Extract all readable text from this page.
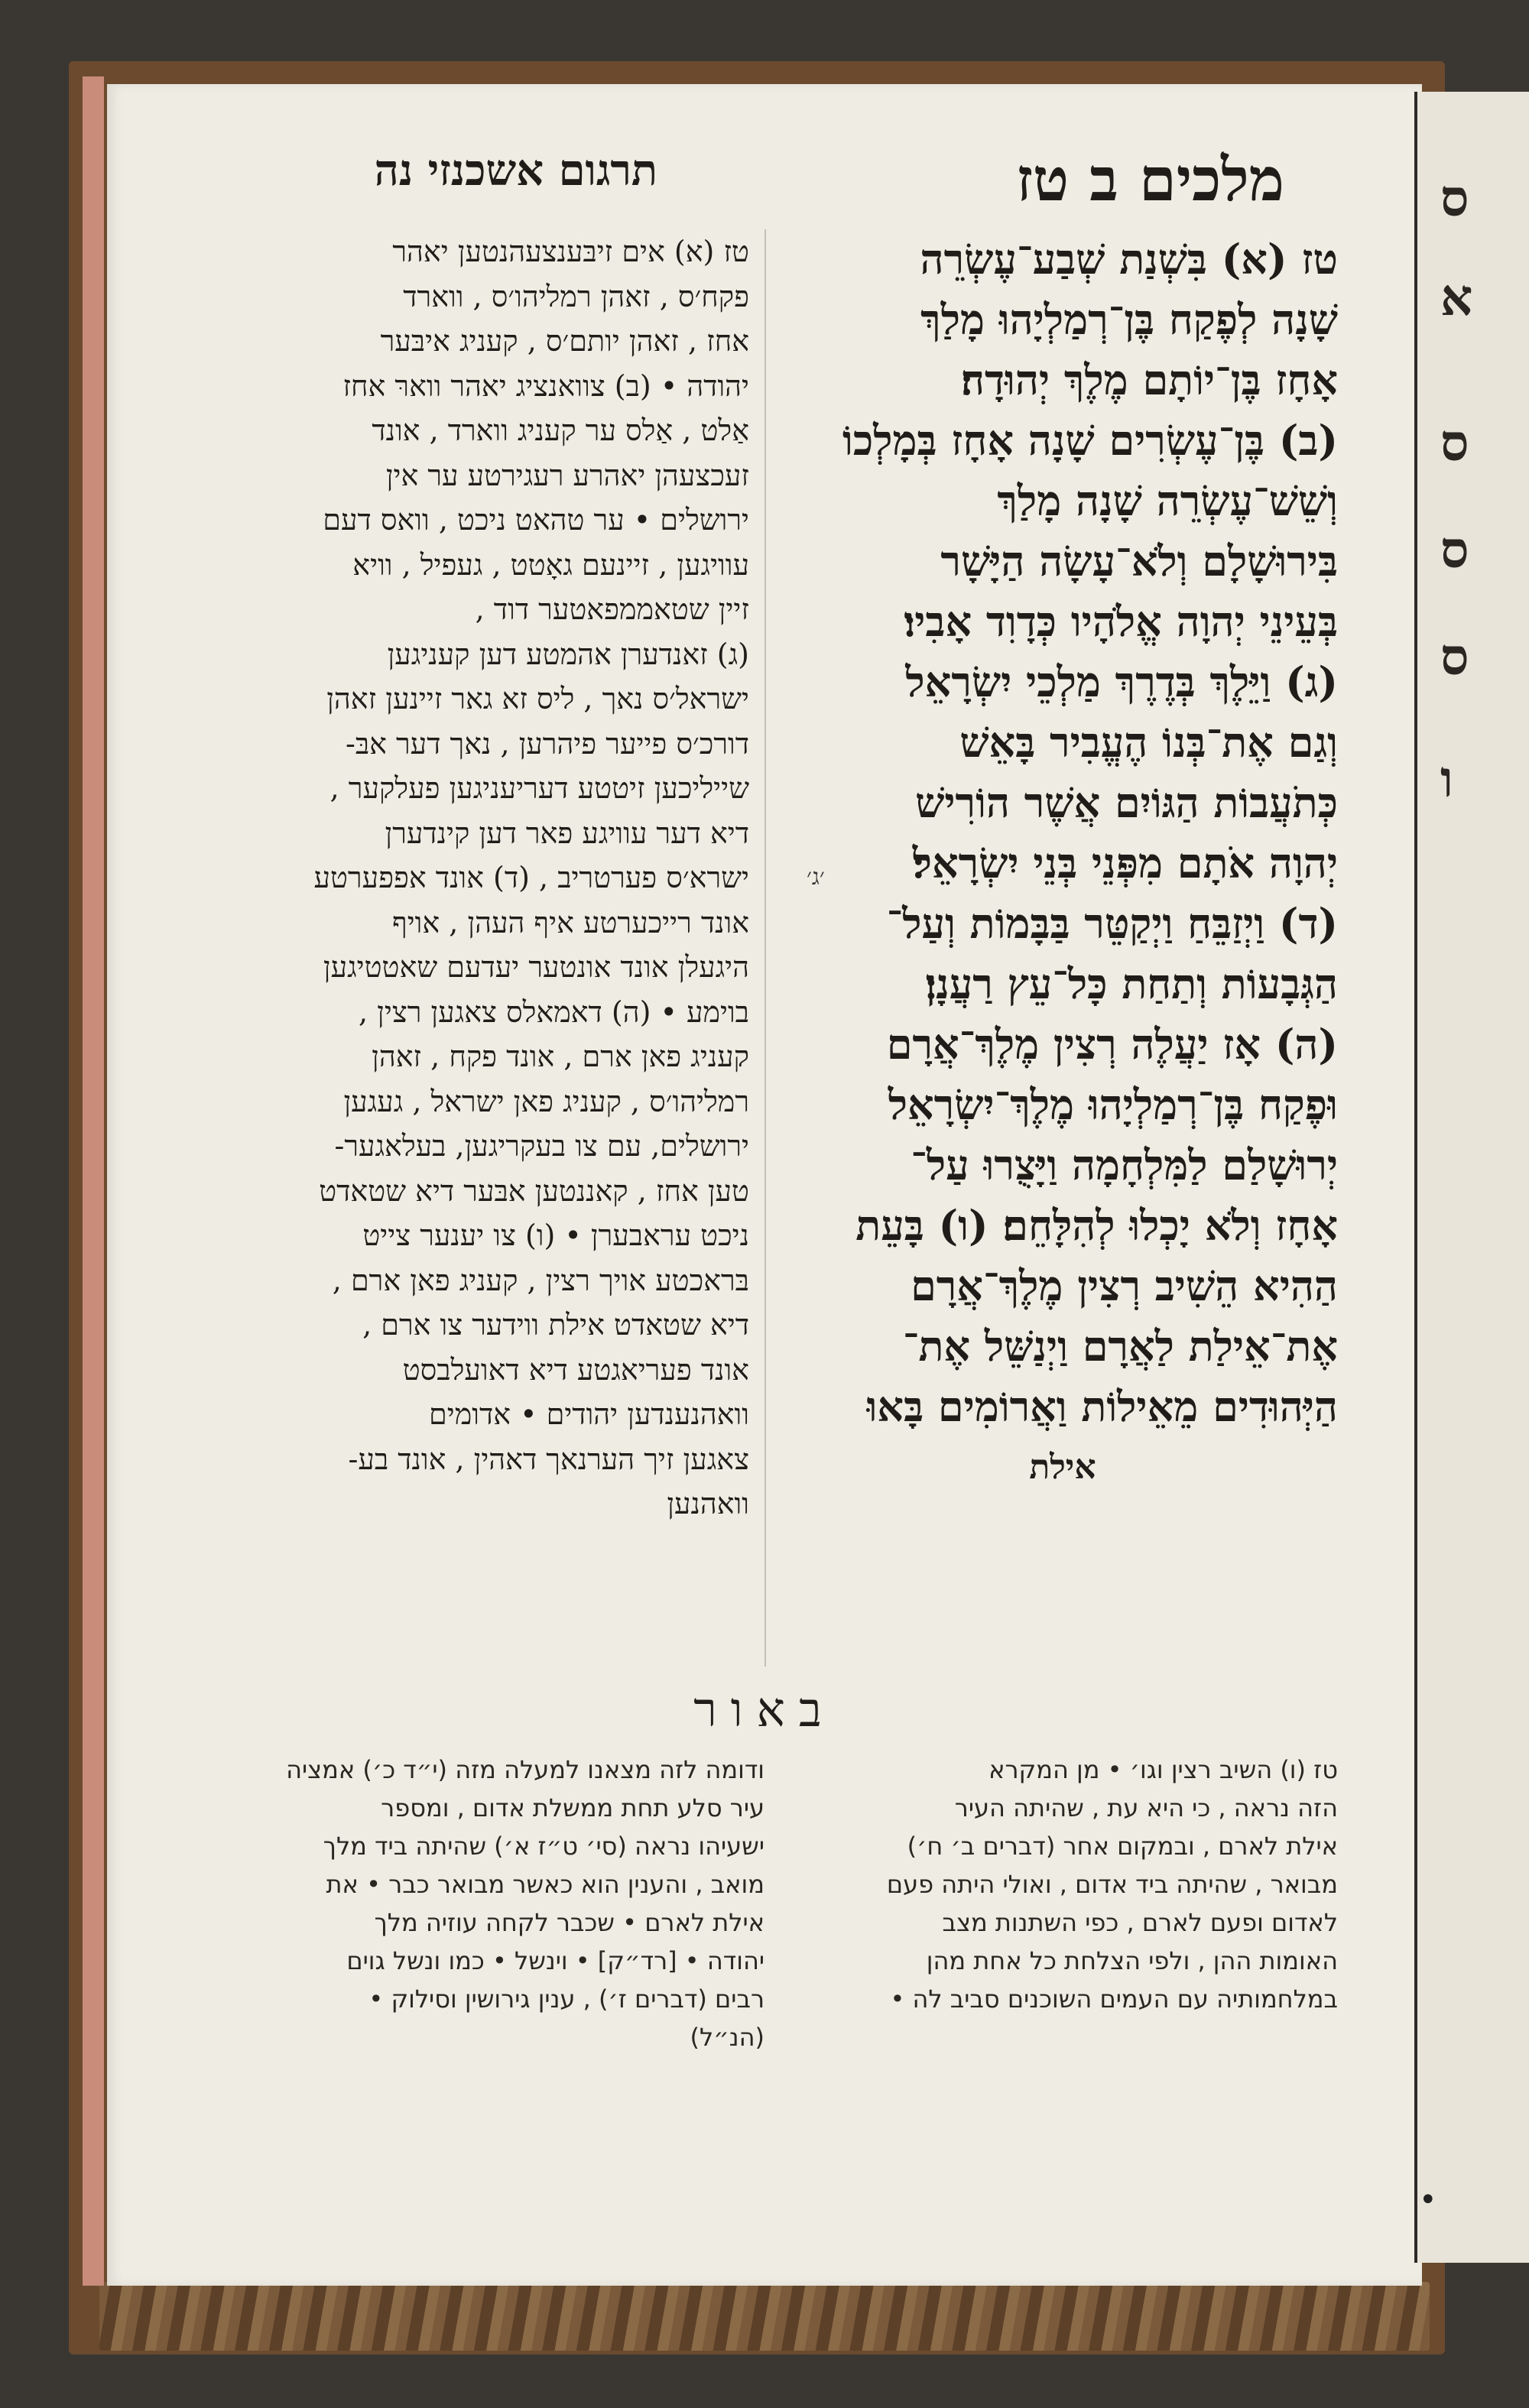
ס
א
ס
ס
ס
ו
מלכים ב טז
תרגום אשכנזי נה
טז (א) בִּשְׁנַת שְׁבַע־עֶשְׂרֵה
שָׁנָה לְפֶקַח בֶּן־רְמַלְיָהוּ מָלַךְ
אָחָז בֶּן־יוֹתָם מֶלֶךְ יְהוּדָה׃
(ב) בֶּן־עֶשְׂרִים שָׁנָה אָחָז בְּמָלְכוֹ
וְשֵׁשׁ־עֶשְׂרֵה שָׁנָה מָלַךְ
בִּירוּשָׁלָם וְלֹא־עָשָׂה הַיָּשָׁר
בְּעֵינֵי יְהוָה אֱלֹהָיו כְּדָוִד אָבִיו׃
(ג) וַיֵּלֶךְ בְּדֶרֶךְ מַלְכֵי יִשְׂרָאֵל
וְגַם אֶת־בְּנוֹ הֶעֱבִיר בָּאֵשׁ
כְּתֹעֲבוֹת הַגּוֹיִם אֲשֶׁר הוֹרִישׁ
יְהוָה אֹתָם מִפְּנֵי בְּנֵי יִשְׂרָאֵל׃
(ד) וַיְזַבֵּחַ וַיְקַטֵּר בַּבָּמוֹת וְעַל־
הַגְּבָעוֹת וְתַחַת כָּל־עֵץ רַעֲנָן׃
(ה) אָז יַעֲלֶה רְצִין מֶלֶךְ־אֲרָם
וּפֶקַח בֶּן־רְמַלְיָהוּ מֶלֶךְ־יִשְׂרָאֵל
יְרוּשָׁלַם לַמִּלְחָמָה וַיָּצֻרוּ עַל־
אָחָז וְלֹא יָכְלוּ לְהִלָּחֵם׃ (ו) בָּעֵת
הַהִיא הֵשִׁיב רְצִין מֶלֶךְ־אֲרָם
אֶת־אֵילַת לַאֲרָם וַיְנַשֵּׁל אֶת־
הַיְּהוּדִים מֵאֵילוֹת וַאֲרוֹמִים בָּאוּ
אילת
טז (א) אים זיבּענצעהנטען יאהר
פקח׳ס , זאהן רמליהו׳ס , ווארד
אחז , זאהן יותם׳ס , קעניג איבּער
יהודה • (ב) צוואנציג יאהר ווארּ אחז
אַלט , אַלס ער קעניג ווארד , אונד
זעכצעהן יאהרע רעגירטע ער אין
ירושלים • ער טהאט ניכט , וואס דעם
עוויגען , זיינעם גאָטט , געפיל , וויא
זיין שטאממפאטער דוד ,
(ג) זאנדערן אהמטע דען קעניגען
ישראל׳ס נאך , ליס זא גאר זיינען זאהן
דורכ׳ס פייער פיהרען , נאך דער אבּ-
שייליכען זיטטע דעריעניגען פעלקער ,
דיא דער עוויגע פאר דען קינדערן
ישרא׳ס פערטריב , (ד) אונד אפפערטע
אונד רייכערטע איף העהן , אויף
היגעלן אונד אונטער יעדעם שאטטיגען
בוימע • (ה) דאמאלס צאגען רצין ,
קעניג פאן ארם , אונד פקח , זאהן
רמליהו׳ס , קעניג פאן ישראל , געגען
ירושלים, עם צו בעקריגען, בעלאגער-
טען אחז , קאננטען אבּער דיא שטאדט
ניכט ערא‍בערן • (ו) צו יענער צייט
בּראכטע אויך רצין , קעניג פאן ארם ,
דיא שטאדט אילת ווידער צו ארם ,
אונד פעריאגטע דיא דאועלבסט
וואהנענדען יהודים • אדומים
צאגען זיך הערנאך דאהין , אונד בע-
וואהנען
׳ג׳
באור
טז (ו) השיב רצין וגו׳ • מן המקרא
הזה נראה , כי היא עת , שהיתה העיר
אילת לארם , ובמקום אחר (דברים ב׳ ח׳)
מבואר , שהיתה ביד אדום , ואולי היתה פעם
לאדום ופעם לארם , כפי השתנות מצב
האומות ההן , ולפי הצלחת כל אחת מהן
במלחמותיה עם העמים השוכנים סביב לה •
ודומה לזה מצאנו למעלה מזה (י״ד כ׳) אמציה
עיר סלע תחת ממשלת אדום , ומספר
ישעיהו נראה (סי׳ ט״ז א׳) שהיתה ביד מלך
מואב , והענין הוא כאשר מבואר כבר • את
אילת לארם • שכבר לקחה עוזיה מלך
יהודה • [רד״ק] • וינשל • כמו ונשל גוים
רבים (דברים ז׳) , ענין גירושין וסילוק •
(הנ״ל)
•
